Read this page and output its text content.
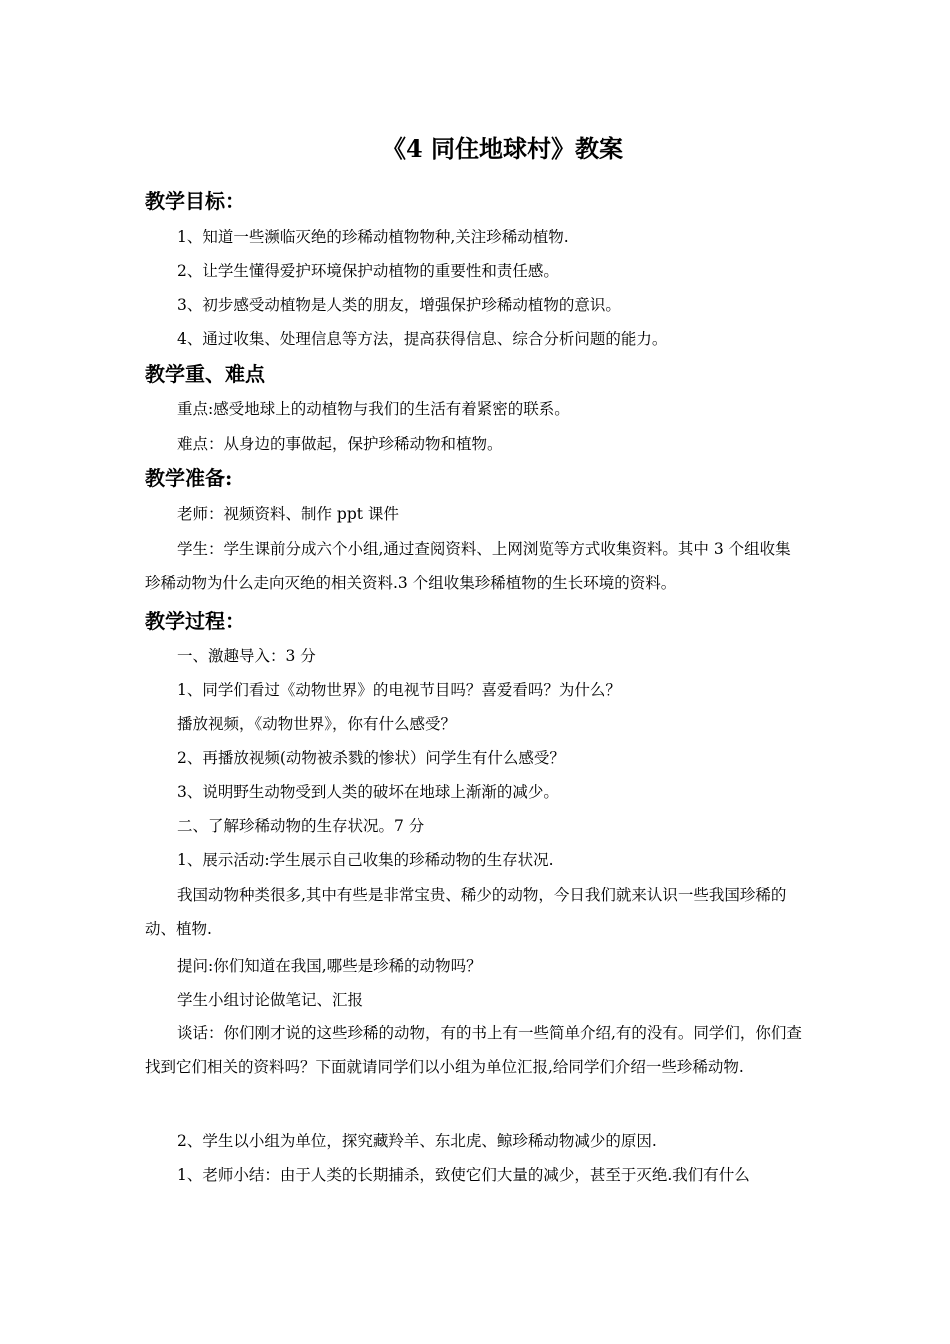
《4 同住地球村》教案
教学目标：
1、知道一些濒临灭绝的珍稀动植物物种,关注珍稀动植物.
2、让学生懂得爱护环境保护动植物的重要性和责任感。
3、初步感受动植物是人类的朋友，增强保护珍稀动植物的意识。
4、通过收集、处理信息等方法，提高获得信息、综合分析问题的能力。
教学重、难点
重点:感受地球上的动植物与我们的生活有着紧密的联系。
难点：从身边的事做起，保护珍稀动物和植物。
教学准备:
老师：视频资料、制作 ppt 课件
学生：学生课前分成六个小组,通过查阅资料、上网浏览等方式收集资料。其中 3 个组收集珍稀动物为什么走向灭绝的相关资料.3 个组收集珍稀植物的生长环境的资料。
教学过程：
一、激趣导入：3 分
1、同学们看过《动物世界》的电视节目吗？喜爱看吗？为什么？
播放视频，《动物世界》，你有什么感受？
2、再播放视频(动物被杀戮的惨状）问学生有什么感受？
3、说明野生动物受到人类的破坏在地球上渐渐的减少。
二、了解珍稀动物的生存状况。7 分
1、展示活动:学生展示自己收集的珍稀动物的生存状况.
我国动物种类很多,其中有些是非常宝贵、稀少的动物，今日我们就来认识一些我国珍稀的动、植物.
提问:你们知道在我国,哪些是珍稀的动物吗？
学生小组讨论做笔记、汇报
谈话：你们刚才说的这些珍稀的动物，有的书上有一些简单介绍,有的没有。同学们，你们查找到它们相关的资料吗？下面就请同学们以小组为单位汇报,给同学们介绍一些珍稀动物.
2、学生以小组为单位，探究藏羚羊、东北虎、鲸珍稀动物减少的原因.
1、老师小结：由于人类的长期捕杀，致使它们大量的减少，甚至于灭绝.我们有什么
